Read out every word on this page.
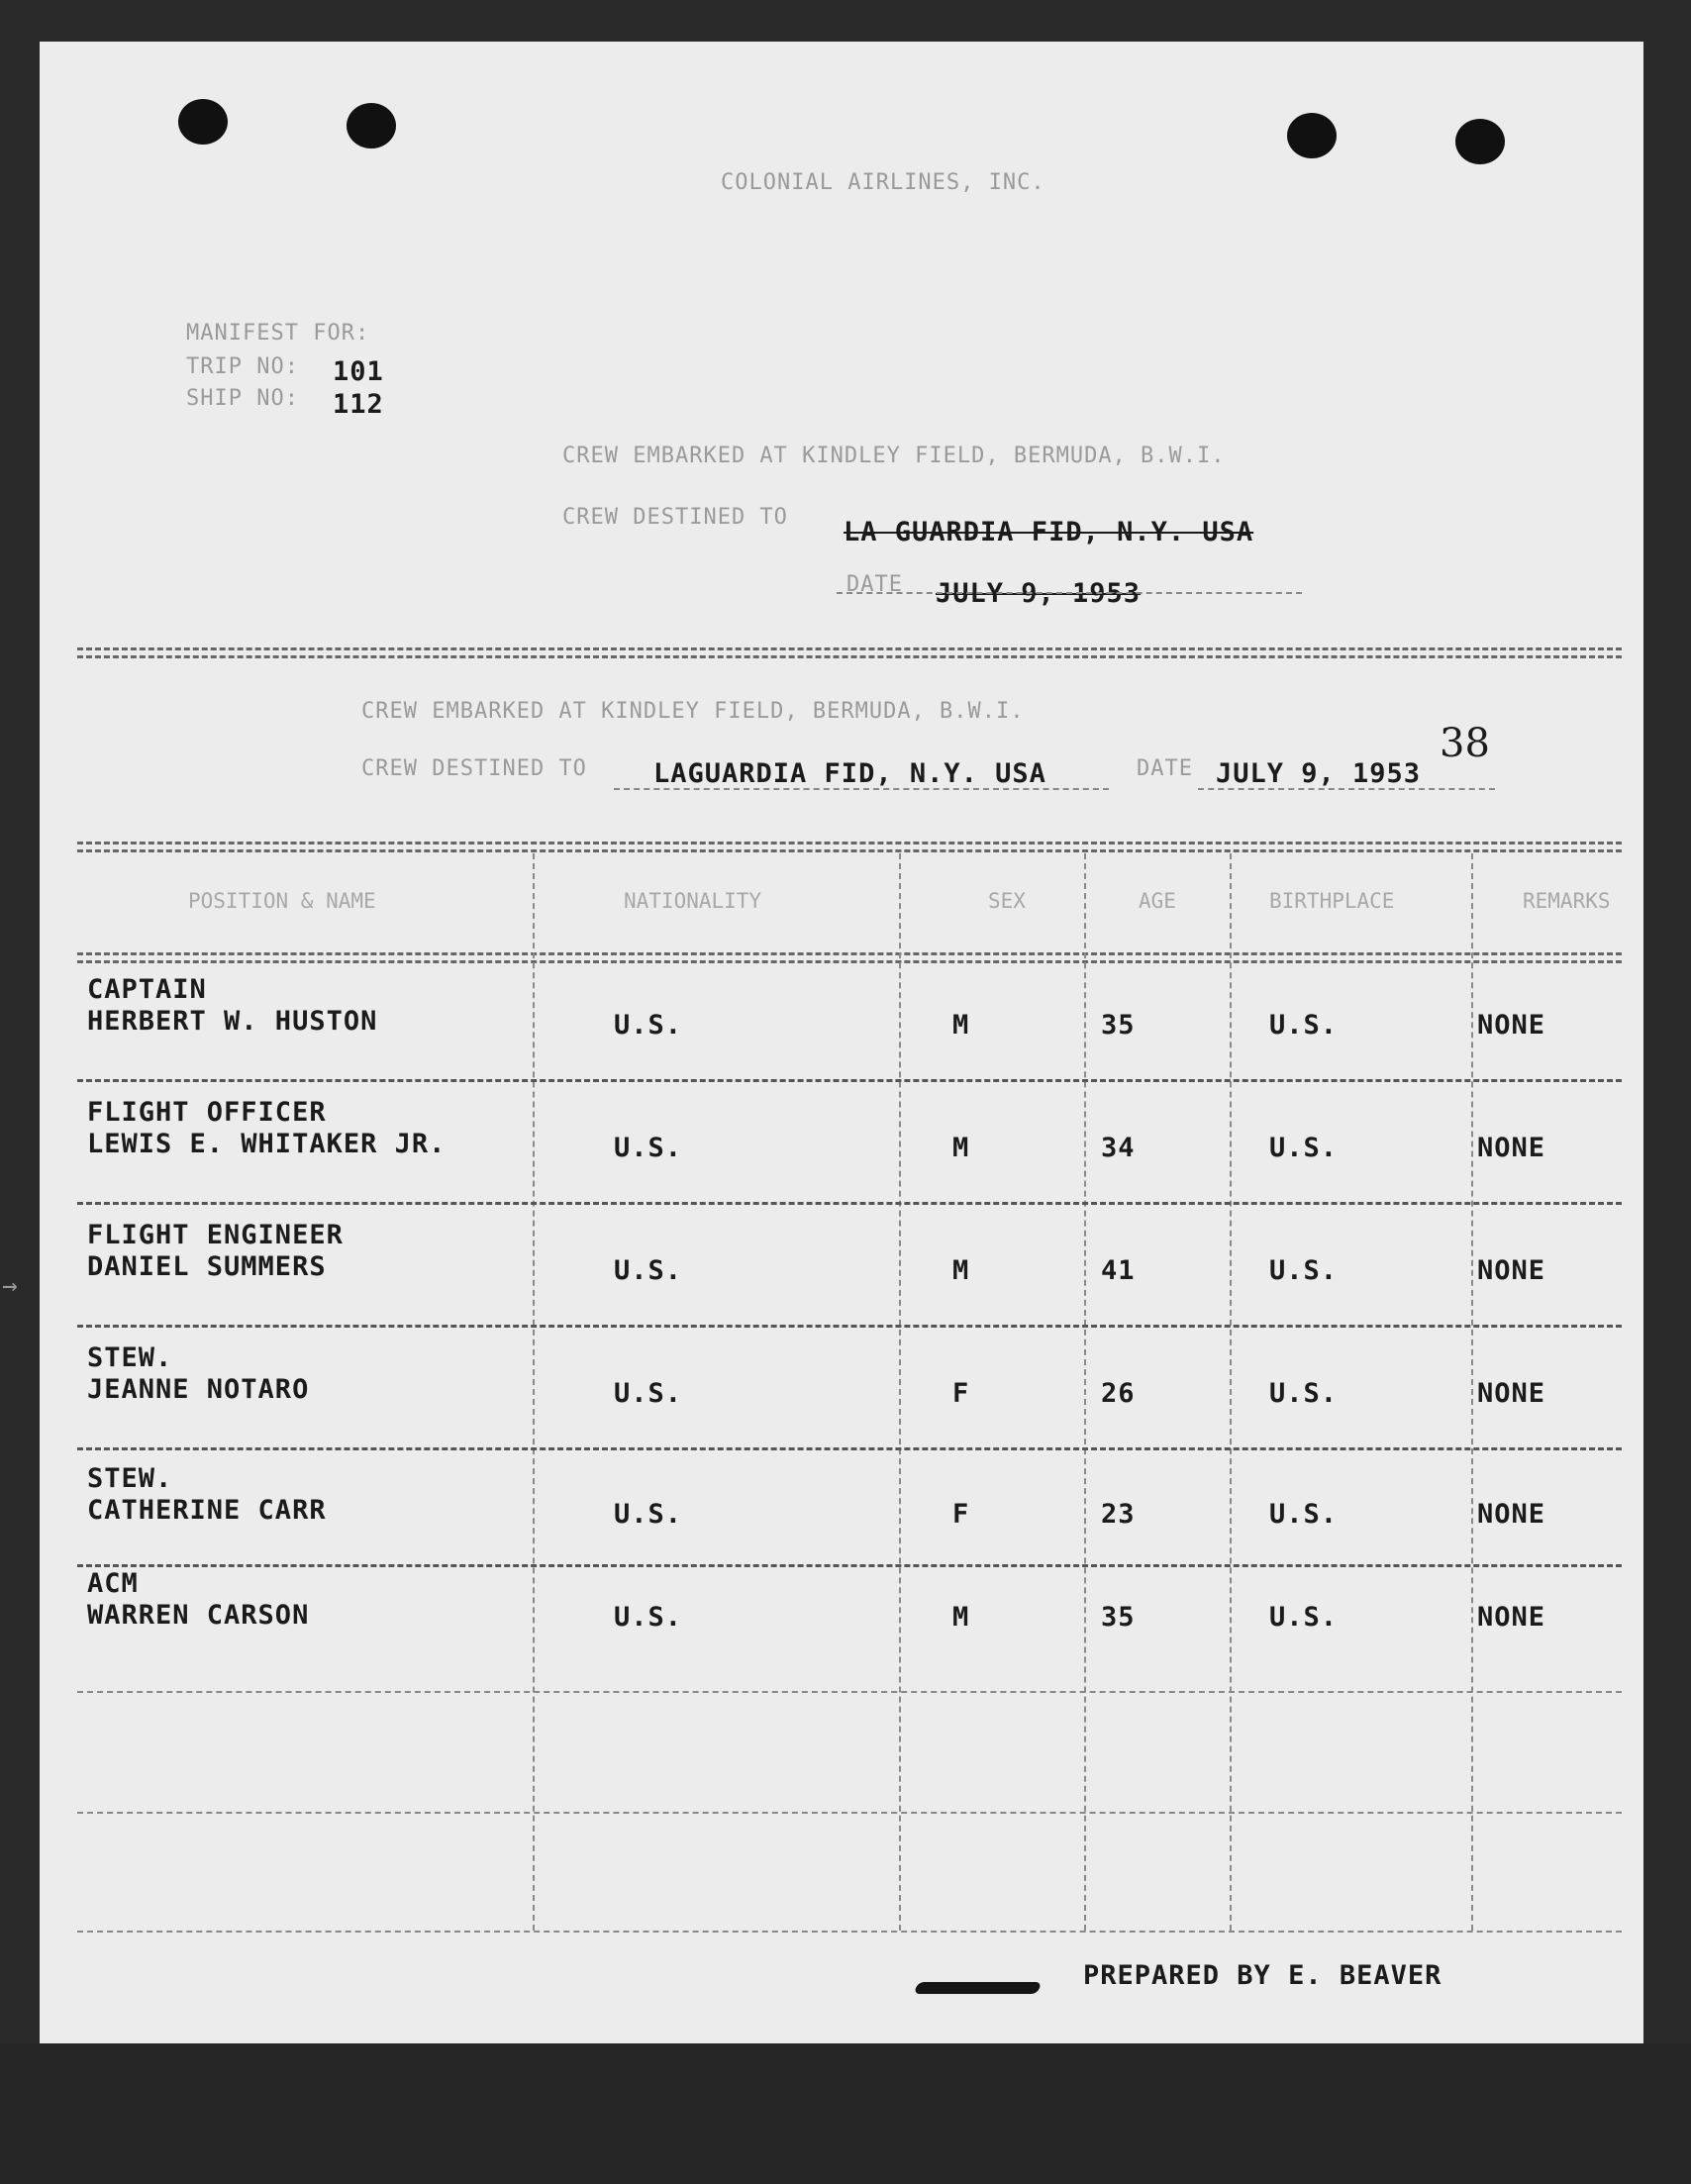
COLONIAL AIRLINES, INC.
MANIFEST FOR:
TRIP NO: 101
SHIP NO: 112
CREW EMBARKED AT KINDLEY FIELD, BERMUDA, B.W.I.
CREW DESTINED TO LA GUARDIA FID, N.Y. USA
DATE JULY 9, 1953
CREW EMBARKED AT KINDLEY FIELD, BERMUDA, B.W.I.
CREW DESTINED TO LAGUARDIA FID, N.Y. USA	DATE JULY 9, 1953
38
POSITION & NAME	NATIONALITY	SEX	AGE	BIRTHPLACE	REMARKS
CAPTAIN
HERBERT W. HUSTON	U.S.	M	35	U.S.	NONE
FLIGHT OFFICER
LEWIS E. WHITAKER JR.	U.S.	M	34	U.S.	NONE
FLIGHT ENGINEER
DANIEL SUMMERS	U.S.	M	41	U.S.	NONE
STEW.
JEANNE NOTARO	U.S.	F	26	U.S.	NONE
STEW.
CATHERINE CARR	U.S.	F	23	U.S.	NONE
ACM
WARREN CARSON	U.S.	M	35	U.S.	NONE
PREPARED BY E. BEAVER
→
